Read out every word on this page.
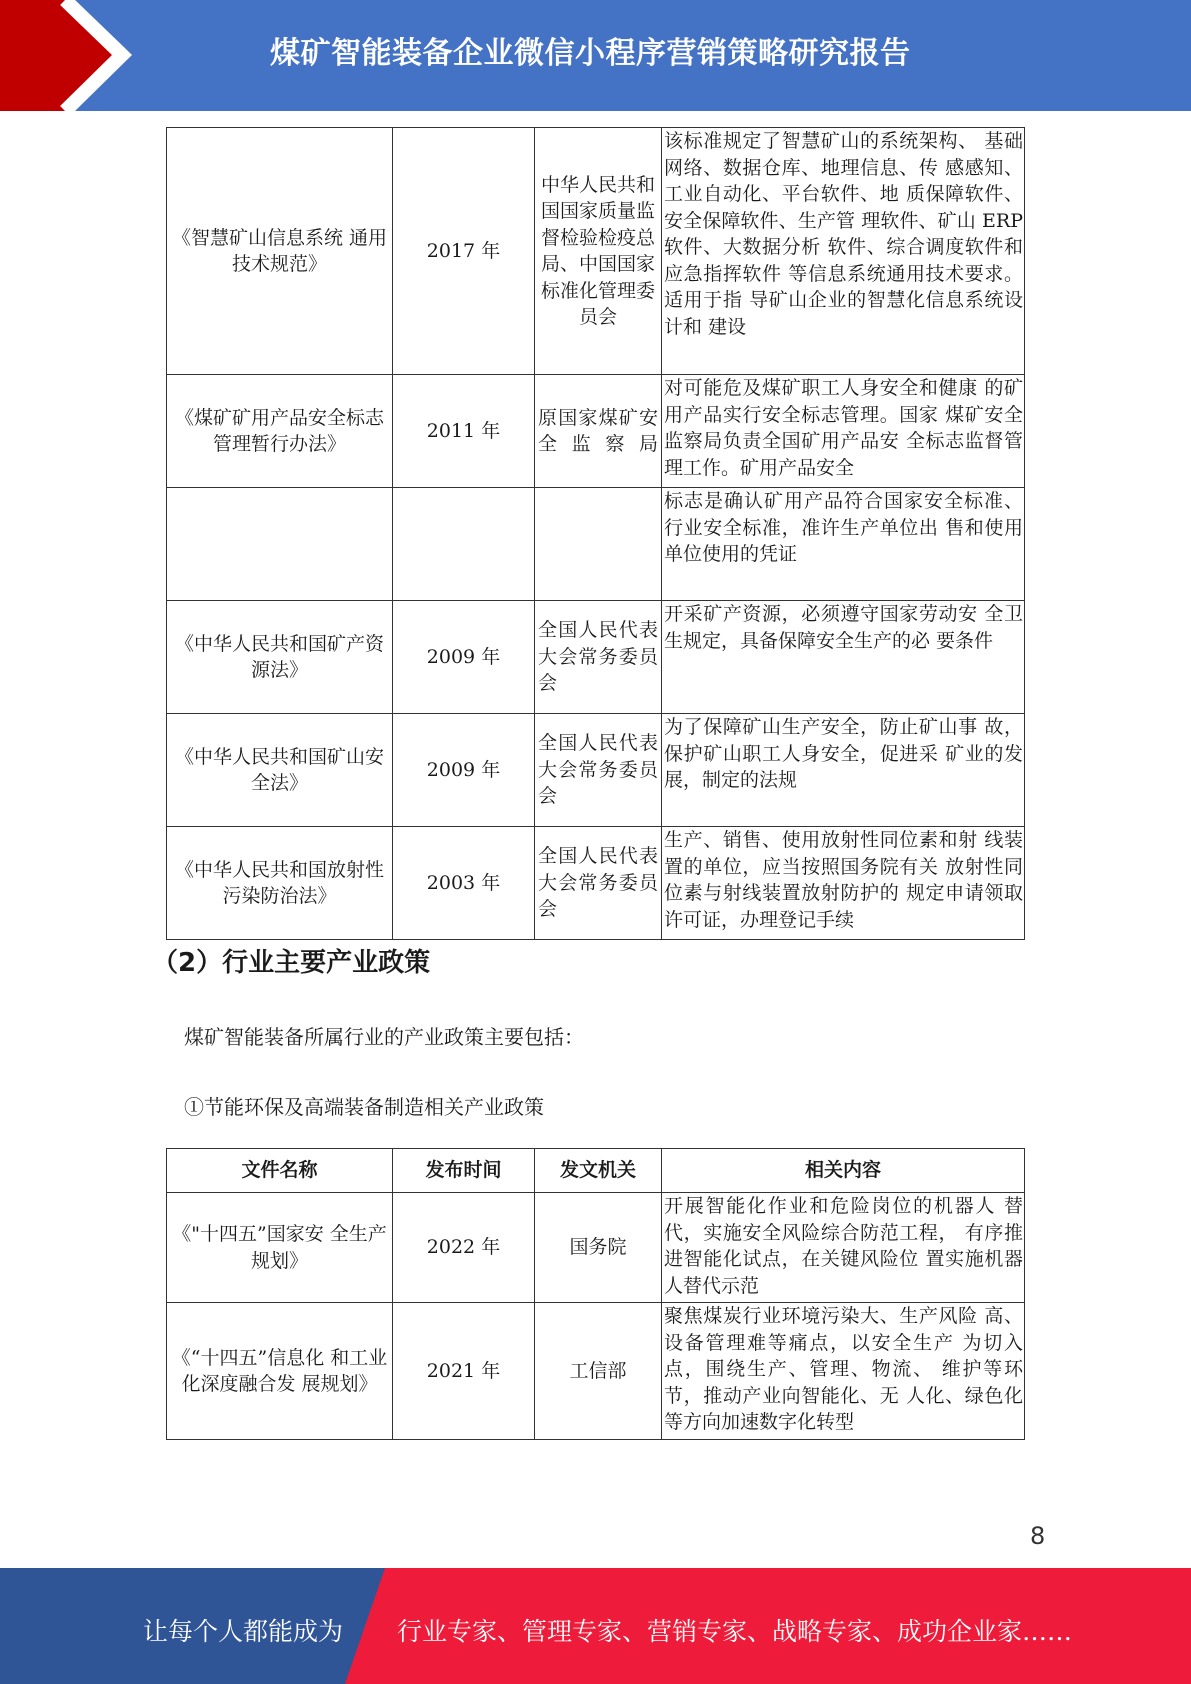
煤矿智能装备企业微信小程序营销策略研究报告
《智慧矿山信息系统 通用技术规范》	2017 年	中华人民共和国国家质量监督检验检疫总局、中国国家标准化管理委员会	该标准规定了智慧矿山的系统架构、 基础网络、数据仓库、地理信息、传 感感知、工业自动化、平台软件、地 质保障软件、安全保障软件、生产管 理软件、矿山 ERP 软件、大数据分析 软件、综合调度软件和应急指挥软件 等信息系统通用技术要求。适用于指 导矿山企业的智慧化信息系统设计和 建设
《煤矿矿用产品安全标志管理暂行办法》	2011 年	原国家煤矿安全监察局	对可能危及煤矿职工人身安全和健康 的矿用产品实行安全标志管理。国家 煤矿安全监察局负责全国矿用产品安 全标志监督管理工作。矿用产品安全
			标志是确认矿用产品符合国家安全标准、行业安全标准，准许生产单位出 售和使用单位使用的凭证
《中华人民共和国矿产资源法》	2009 年	全国人民代表大会常务委员会	开采矿产资源，必须遵守国家劳动安 全卫生规定，具备保障安全生产的必 要条件
《中华人民共和国矿山安全法》	2009 年	全国人民代表大会常务委员会	为了保障矿山生产安全，防止矿山事 故，保护矿山职工人身安全，促进采 矿业的发展，制定的法规
《中华人民共和国放射性污染防治法》	2003 年	全国人民代表大会常务委员会	生产、销售、使用放射性同位素和射 线装置的单位，应当按照国务院有关 放射性同位素与射线装置放射防护的 规定申请领取许可证，办理登记手续
（2）行业主要产业政策
煤矿智能装备所属行业的产业政策主要包括：
①节能环保及高端装备制造相关产业政策
文件名称	发布时间	发文机关	相关内容
《"十四五”国家安 全生产规划》	2022 年	国务院	开展智能化作业和危险岗位的机器人 替代，实施安全风险综合防范工程， 有序推进智能化试点，在关键风险位 置实施机器人替代示范
《“十四五”信息化 和工业化深度融合发 展规划》	2021 年	工信部	聚焦煤炭行业环境污染大、生产风险 高、设备管理难等痛点，以安全生产 为切入点，围绕生产、管理、物流、 维护等环节，推动产业向智能化、无 人化、绿色化等方向加速数字化转型
8
让每个人都能成为 行业专家、管理专家、营销专家、战略专家、成功企业家……
